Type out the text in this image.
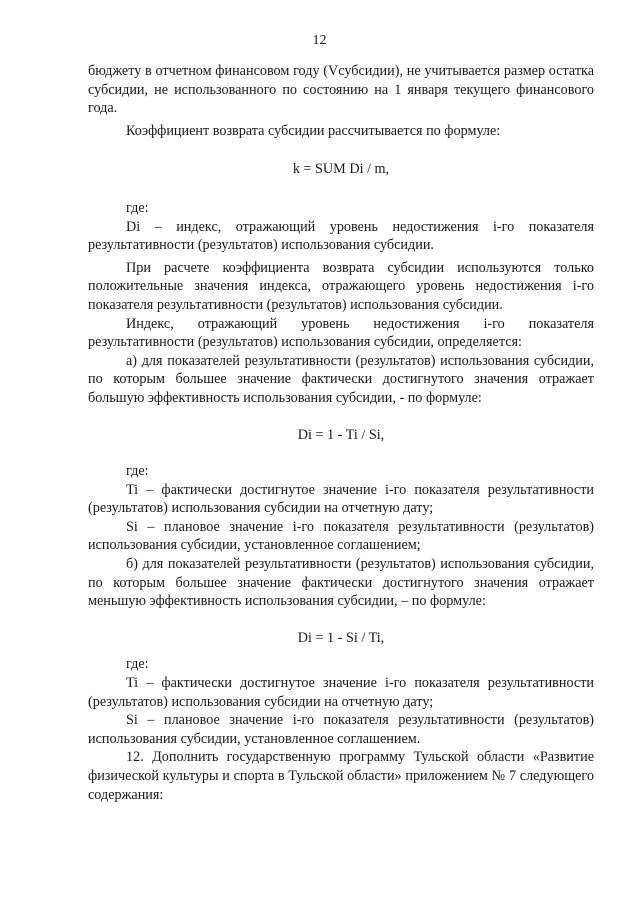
12

бюджету в отчетном финансовом году (Vсубсидии), не учитывается размер остатка субсидии, не использованного по состоянию на 1 января текущего финансового года.

Коэффициент возврата субсидии рассчитывается по формуле:

k = SUM Di / m,

где:

Di – индекс, отражающий уровень недостижения i-го показателя результативности (результатов) использования субсидии.

При расчете коэффициента возврата субсидии используются только положительные значения индекса, отражающего уровень недостижения i-го показателя результативности (результатов) использования субсидии.

Индекс, отражающий уровень недостижения i-го показателя результативности (результатов) использования субсидии, определяется:

а) для показателей результативности (результатов) использования субсидии, по которым большее значение фактически достигнутого значения отражает большую эффективность использования субсидии, - по формуле:

Di = 1 - Ti / Si,

где:

Ti – фактически достигнутое значение i-го показателя результативности (результатов) использования субсидии на отчетную дату;

Si – плановое значение i-го показателя результативности (результатов) использования субсидии, установленное соглашением;

б) для показателей результативности (результатов) использования субсидии, по которым большее значение фактически достигнутого значения отражает меньшую эффективность использования субсидии, – по формуле:

Di = 1 - Si / Ti,

где:

Ti – фактически достигнутое значение i-го показателя результативности (результатов) использования субсидии на отчетную дату;

Si – плановое значение i-го показателя результативности (результатов) использования субсидии, установленное соглашением.

12. Дополнить государственную программу Тульской области «Развитие физической культуры и спорта в Тульской области» приложением № 7 следующего содержания:
